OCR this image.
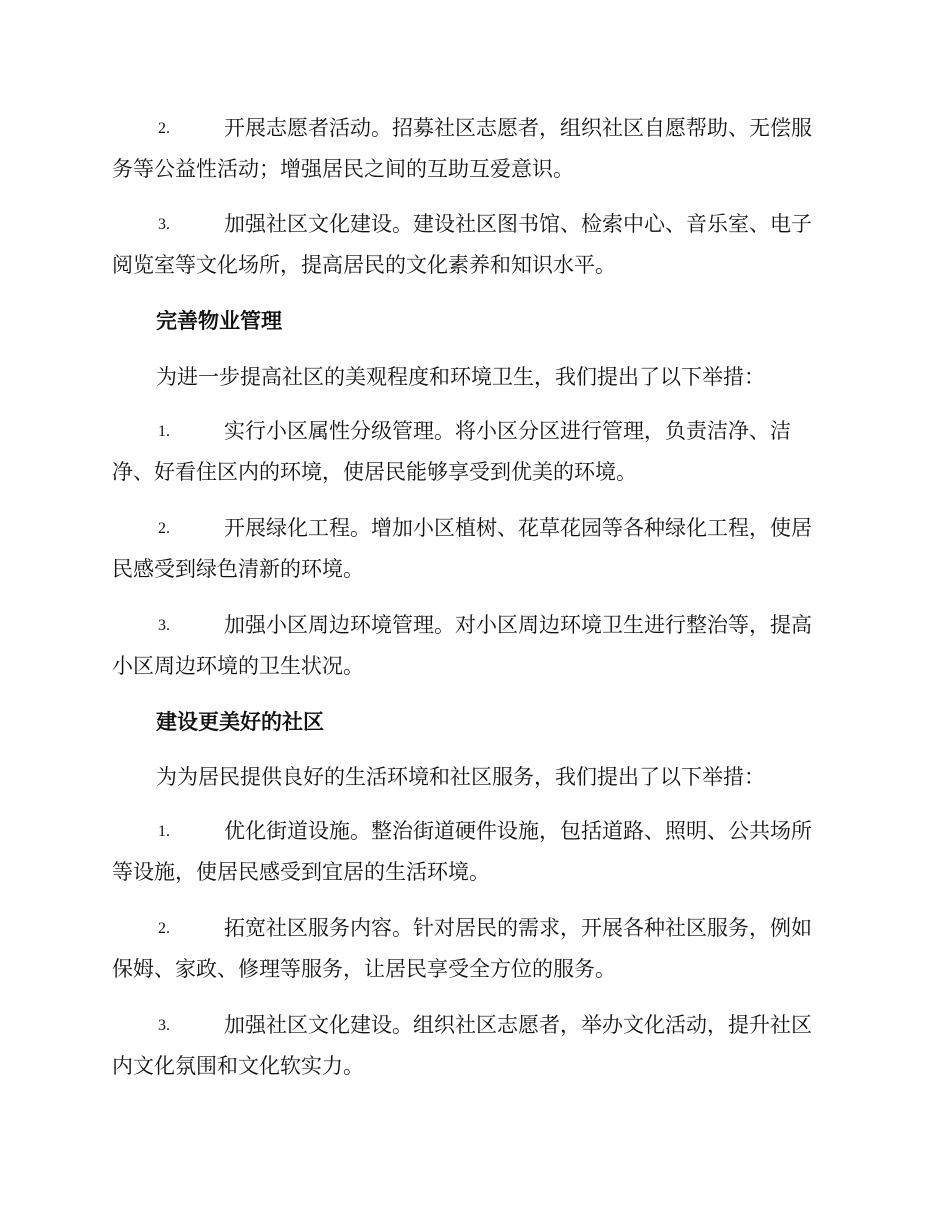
2.	开展志愿者活动。招募社区志愿者，组织社区自愿帮助、无偿服
务等公益性活动；增强居民之间的互助互爱意识。
3.	加强社区文化建设。建设社区图书馆、检索中心、音乐室、电子
阅览室等文化场所，提高居民的文化素养和知识水平。
完善物业管理
为进一步提高社区的美观程度和环境卫生，我们提出了以下举措：
1.	实行小区属性分级管理。将小区分区进行管理，负责洁净、洁
净、好看住区内的环境，使居民能够享受到优美的环境。
2.	开展绿化工程。增加小区植树、花草花园等各种绿化工程，使居
民感受到绿色清新的环境。
3.	加强小区周边环境管理。对小区周边环境卫生进行整治等，提高
小区周边环境的卫生状况。
建设更美好的社区
为为居民提供良好的生活环境和社区服务，我们提出了以下举措：
1.	优化街道设施。整治街道硬件设施，包括道路、照明、公共场所
等设施，使居民感受到宜居的生活环境。
2.	拓宽社区服务内容。针对居民的需求，开展各种社区服务，例如
保姆、家政、修理等服务，让居民享受全方位的服务。
3.	加强社区文化建设。组织社区志愿者，举办文化活动，提升社区
内文化氛围和文化软实力。
